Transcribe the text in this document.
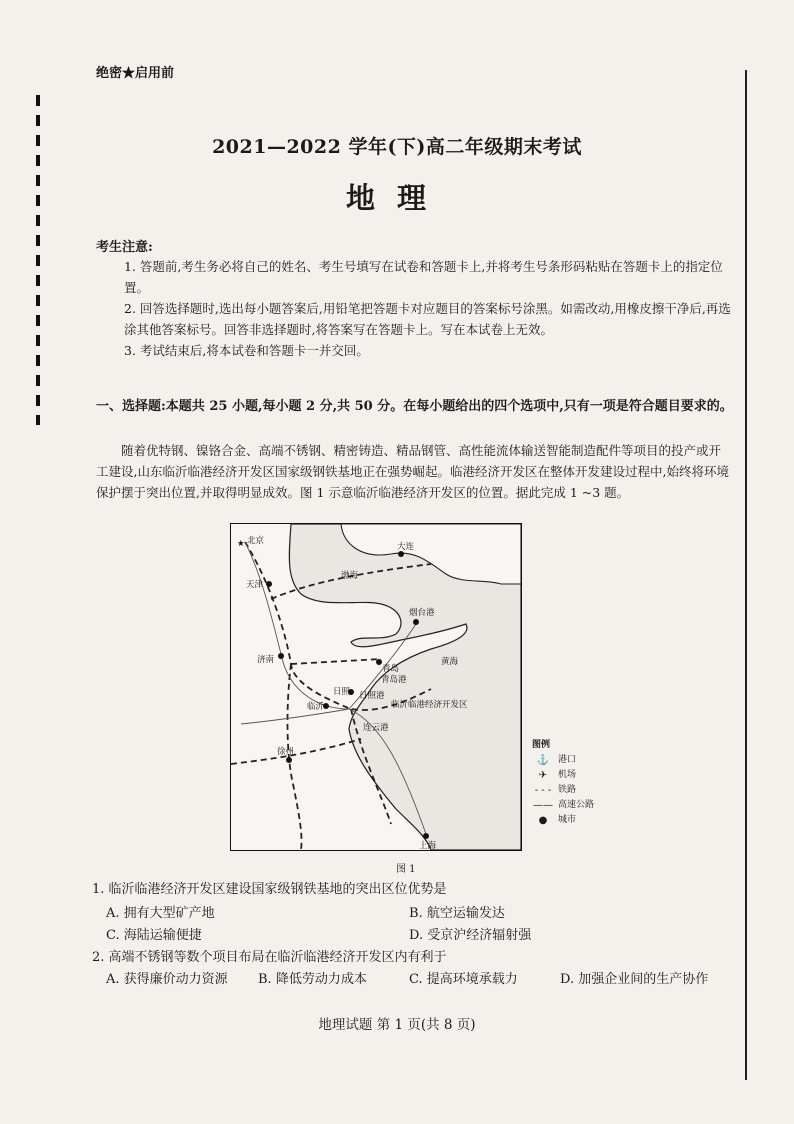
绝密★启用前
2021—2022 学年(下)高二年级期末考试
地理
考生注意:
1. 答题前,考生务必将自己的姓名、考生号填写在试卷和答题卡上,并将考生号条形码粘贴在答题卡上的指定位置。
2. 回答选择题时,选出每小题答案后,用铅笔把答题卡对应题目的答案标号涂黑。如需改动,用橡皮擦干净后,再选涂其他答案标号。回答非选择题时,将答案写在答题卡上。写在本试卷上无效。
3. 考试结束后,将本试卷和答题卡一并交回。
一、选择题:本题共 25 小题,每小题 2 分,共 50 分。在每小题给出的四个选项中,只有一项是符合题目要求的。
随着优特钢、镍铬合金、高端不锈钢、精密铸造、精品钢管、高性能流体输送智能制造配件等项目的投产或开工建设,山东临沂临港经济开发区国家级钢铁基地正在强势崛起。临港经济开发区在整体开发建设过程中,始终将环境保护摆于突出位置,并取得明显成效。图 1 示意临沂临港经济开发区的位置。据此完成 1 ~3 题。
★ 北京
天津
大连
渤海
烟台港
济南
青岛
青岛港
黄海
日照 日照港
临沂	临沂临港经济开发区
连云港
徐州
上海
图例
⚓ 港口
✈	机场
- - - 铁路
—— 高速公路
●	城市
图 1
1. 临沂临港经济开发区建设国家级钢铁基地的突出区位优势是
A. 拥有大型矿产地	B. 航空运输发达
C. 海陆运输便捷	D. 受京沪经济辐射强
2. 高端不锈钢等数个项目布局在临沂临港经济开发区内有利于
A. 获得廉价动力资源 B. 降低劳动力成本	C. 提高环境承载力	D. 加强企业间的生产协作
地理试题 第 1 页(共 8 页)
